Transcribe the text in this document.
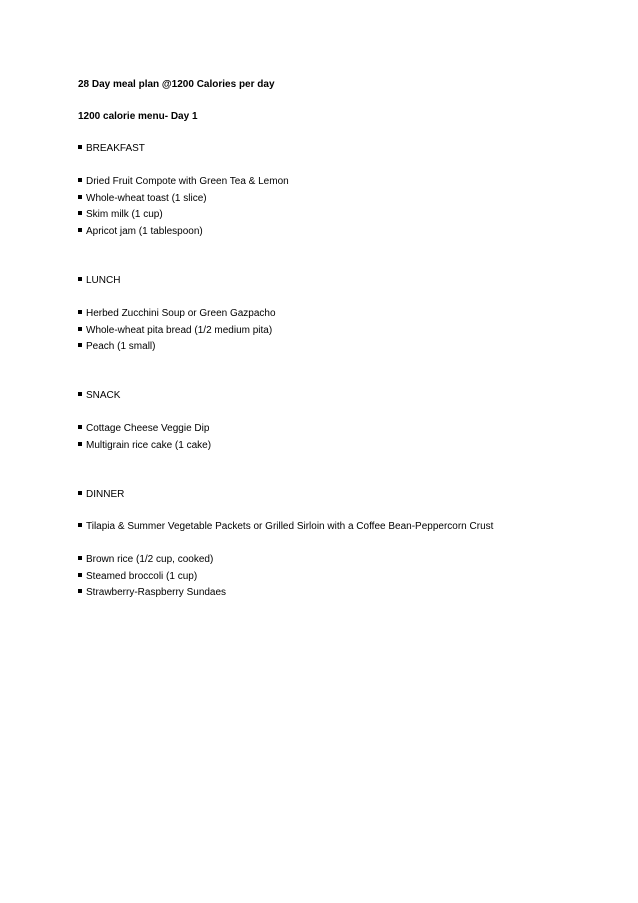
28 Day meal plan @1200 Calories per day
1200 calorie menu- Day 1
BREAKFAST
Dried Fruit Compote with Green Tea & Lemon
Whole-wheat toast (1 slice)
Skim milk (1 cup)
Apricot jam (1 tablespoon)
LUNCH
Herbed Zucchini Soup or Green Gazpacho
Whole-wheat pita bread (1/2 medium pita)
Peach (1 small)
SNACK
Cottage Cheese Veggie Dip
Multigrain rice cake (1 cake)
DINNER
Tilapia & Summer Vegetable Packets or Grilled Sirloin with a Coffee Bean-Peppercorn Crust
Brown rice (1/2 cup, cooked)
Steamed broccoli (1 cup)
Strawberry-Raspberry Sundaes
